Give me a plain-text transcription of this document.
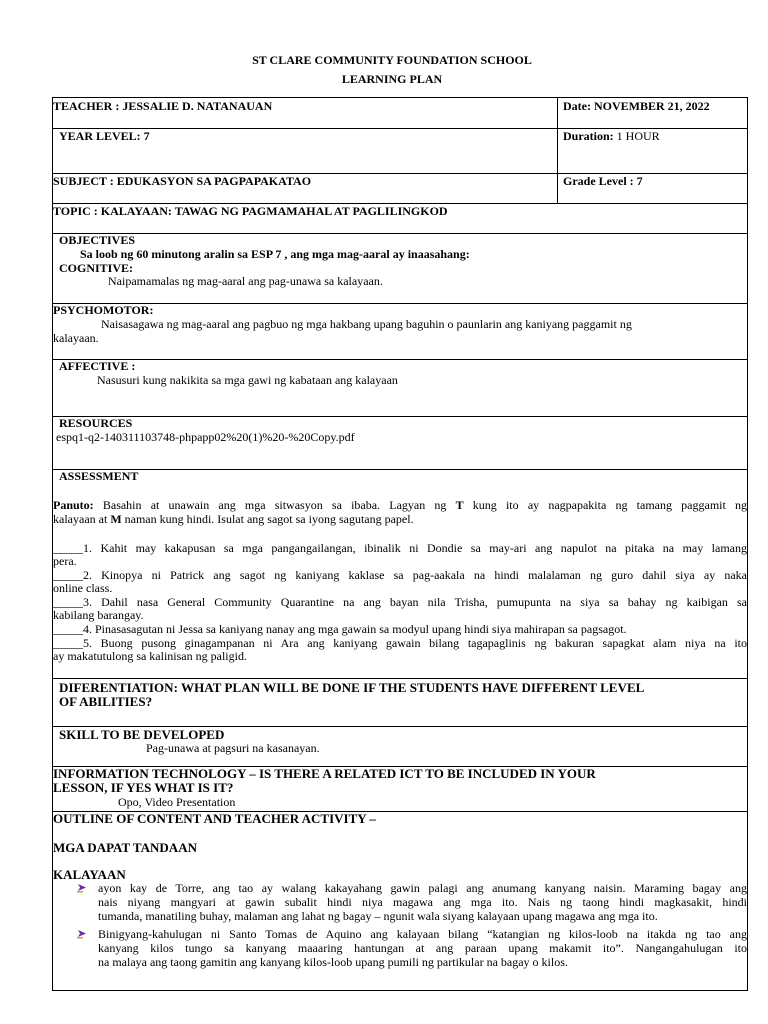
ST CLARE COMMUNITY FOUNDATION SCHOOL
LEARNING PLAN
TEACHER : JESSALIE D. NATANAUAN	Date: NOVEMBER 21, 2022
YEAR LEVEL: 7	Duration: 1 HOUR
SUBJECT : EDUKASYON SA PAGPAPAKATAO	Grade Level : 7
TOPIC : KALAYAAN: TAWAG NG PAGMAMAHAL AT PAGLILINGKOD
OBJECTIVES
Sa loob ng 60 minutong aralin sa ESP 7 , ang mga mag-aaral ay inaasahang:
COGNITIVE:
Naipamamalas ng mag-aaral ang pag-unawa sa kalayaan.
PSYCHOMOTOR:
Naisasagawa ng mag-aaral ang pagbuo ng mga hakbang upang baguhin o paunlarin ang kaniyang paggamit ng
kalayaan.
AFFECTIVE :
Nasusuri kung nakikita sa mga gawi ng kabataan ang kalayaan
RESOURCES
espq1-q2-140311103748-phpapp02%20(1)%20-%20Copy.pdf
ASSESSMENT
Panuto: Basahin at unawain ang mga sitwasyon sa ibaba. Lagyan ng T kung ito ay nagpapakita ng tamang paggamit ng
kalayaan at M naman kung hindi. Isulat ang sagot sa iyong sagutang papel.
_____1. Kahit may kakapusan sa mga pangangailangan, ibinalik ni Dondie sa may-ari ang napulot na pitaka na may lamang
pera.
_____2. Kinopya ni Patrick ang sagot ng kaniyang kaklase sa pag-aakala na hindi malalaman ng guro dahil siya ay naka
online class.
_____3. Dahil nasa General Community Quarantine na ang bayan nila Trisha, pumupunta na siya sa bahay ng kaibigan sa
kabilang barangay.
_____4. Pinasasagutan ni Jessa sa kaniyang nanay ang mga gawain sa modyul upang hindi siya mahirapan sa pagsagot.
_____5. Buong pusong ginagampanan ni Ara ang kaniyang gawain bilang tagapaglinis ng bakuran sapagkat alam niya na ito
ay makatutulong sa kalinisan ng paligid.
DIFERENTIATION: WHAT PLAN WILL BE DONE IF THE STUDENTS HAVE DIFFERENT LEVEL
OF ABILITIES?
SKILL TO BE DEVELOPED
Pag-unawa at pagsuri na kasanayan.
INFORMATION TECHNOLOGY – IS THERE A RELATED ICT TO BE INCLUDED IN YOUR
LESSON, IF YES WHAT IS IT?
Opo, Video Presentation
OUTLINE OF CONTENT AND TEACHER ACTIVITY –
MGA DAPAT TANDAAN
KALAYAAN
ayon kay de Torre, ang tao ay walang kakayahang gawin palagi ang anumang kanyang naisin. Maraming bagay ang
nais niyang mangyari at gawin subalit hindi niya magawa ang mga ito. Nais ng taong hindi magkasakit, hindi
tumanda, manatiling buhay, malaman ang lahat ng bagay – ngunit wala siyang kalayaan upang magawa ang mga ito.
Binigyang-kahulugan ni Santo Tomas de Aquino ang kalayaan bilang “katangian ng kilos-loob na itakda ng tao ang
kanyang kilos tungo sa kanyang maaaring hantungan at ang paraan upang makamit ito”. Nangangahulugan ito
na malaya ang taong gamitin ang kanyang kilos-loob upang pumili ng partikular na bagay o kilos.
